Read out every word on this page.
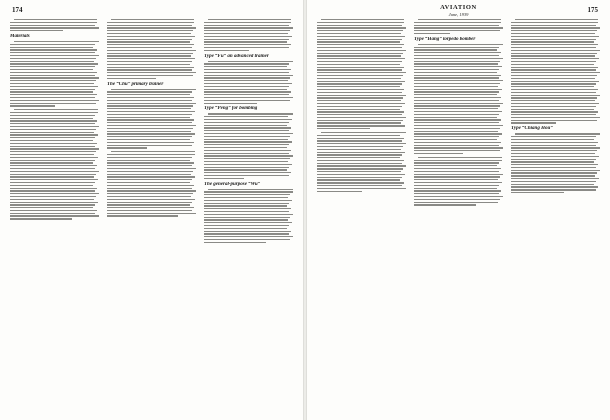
174
Materials
The “Chu” primary trainer
Type “Fu” an advanced trainer
Type “Peng” for bombing
The general-purpose “Wu”
AVIATION
June, 1939
175
Type “Hang” torpedo bomber
Type “Chiang Hou”
